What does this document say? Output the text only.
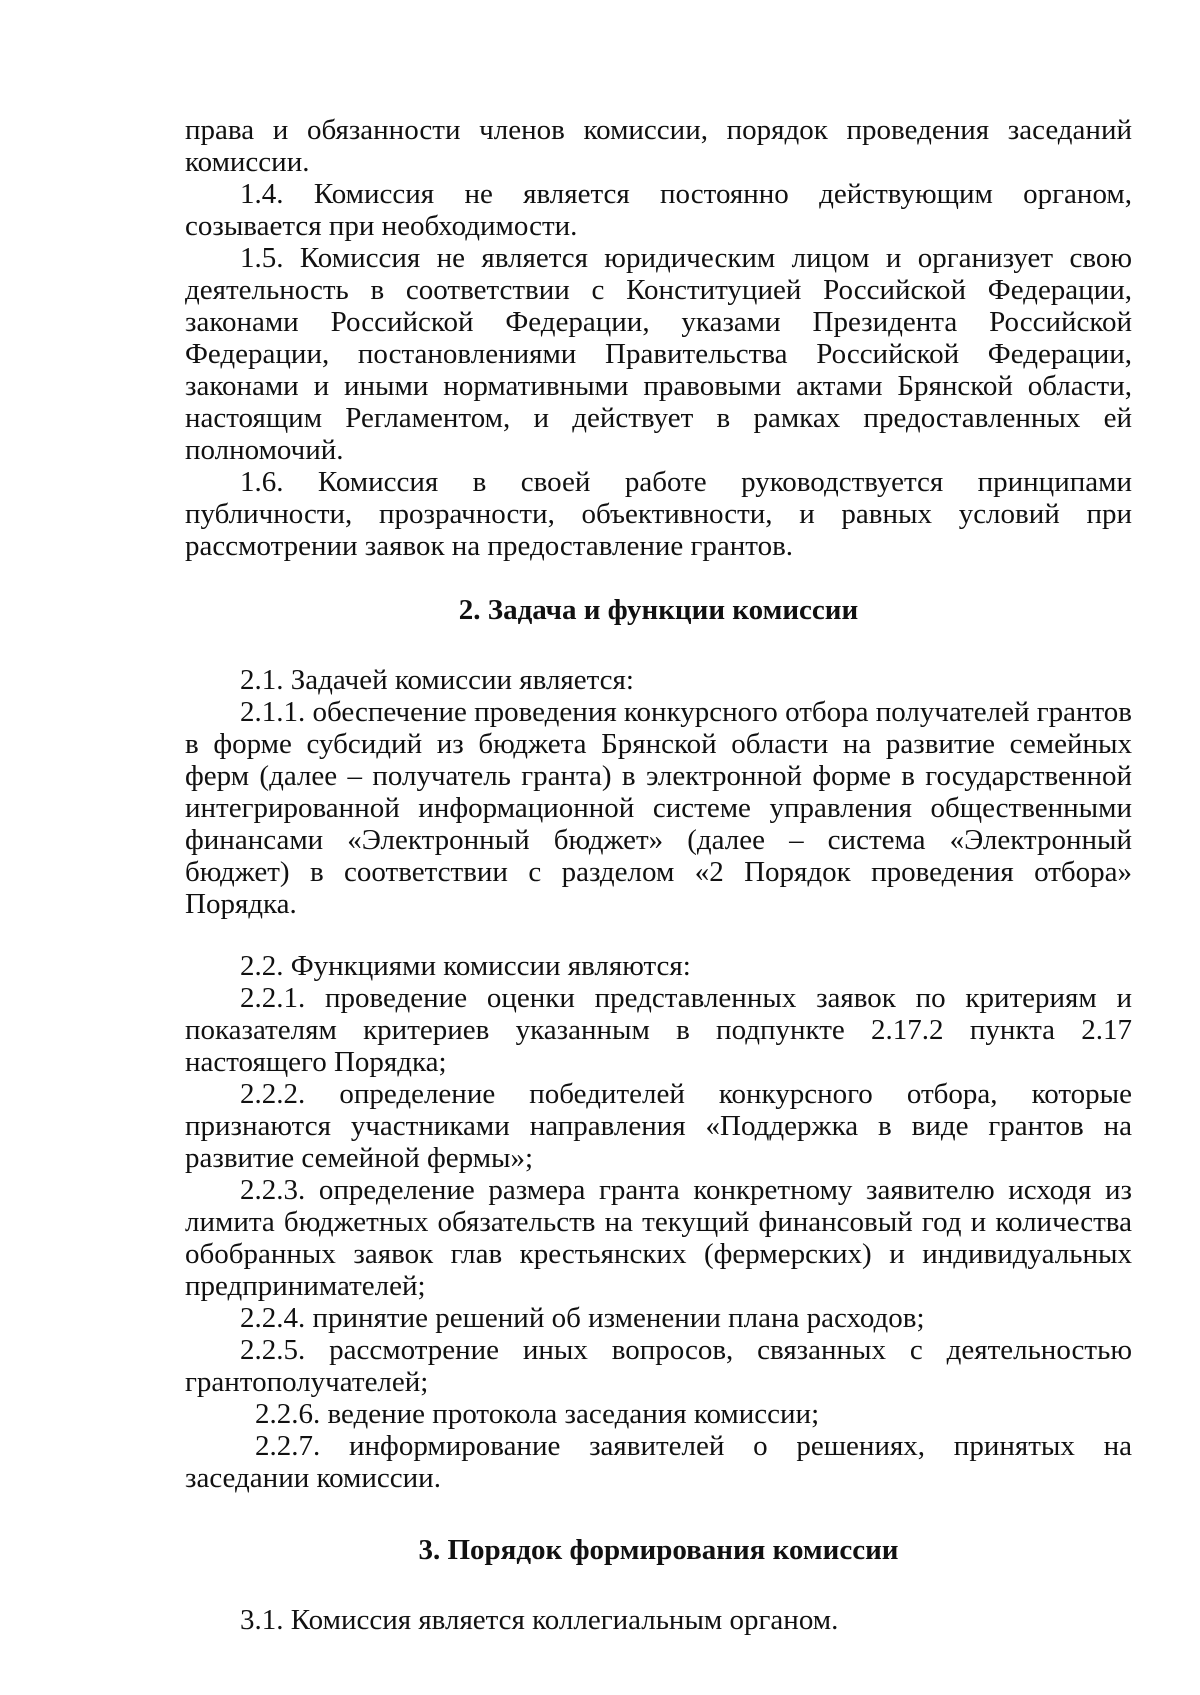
права и обязанности членов комиссии, порядок проведения заседаний комиссии.

1.4. Комиссия не является постоянно действующим органом, созывается при необходимости.

1.5. Комиссия не является юридическим лицом и организует свою деятельность в соответствии с Конституцией Российской Федерации, законами Российской Федерации, указами Президента Российской Федерации, постановлениями Правительства Российской Федерации, законами и иными нормативными правовыми актами Брянской области, настоящим Регламентом, и действует в рамках предоставленных ей полномочий.

1.6. Комиссия в своей работе руководствуется принципами публичности, прозрачности, объективности, и равных условий при рассмотрении заявок на предоставление грантов.

2. Задача и функции комиссии

2.1. Задачей комиссии является:

2.1.1. обеспечение проведения конкурсного отбора получателей грантов в форме субсидий из бюджета Брянской области на развитие семейных ферм (далее – получатель гранта) в электронной форме в государственной интегрированной информационной системе управления общественными финансами «Электронный бюджет» (далее – система «Электронный бюджет) в соответствии с разделом «2 Порядок проведения отбора» Порядка.

2.2. Функциями комиссии являются:

2.2.1. проведение оценки представленных заявок по критериям и показателям критериев указанным в подпункте 2.17.2 пункта 2.17 настоящего Порядка;

2.2.2. определение победителей конкурсного отбора, которые признаются участниками направления «Поддержка в виде грантов на развитие семейной фермы»;

2.2.3. определение размера гранта конкретному заявителю исходя из лимита бюджетных обязательств на текущий финансовый год и количества обобранных заявок глав крестьянских (фермерских) и индивидуальных предпринимателей;

2.2.4. принятие решений об изменении плана расходов;

2.2.5. рассмотрение иных вопросов, связанных с деятельностью грантополучателей;

2.2.6. ведение протокола заседания комиссии;

2.2.7. информирование заявителей о решениях, принятых на заседании комиссии.

3. Порядок формирования комиссии

3.1. Комиссия является коллегиальным органом.
